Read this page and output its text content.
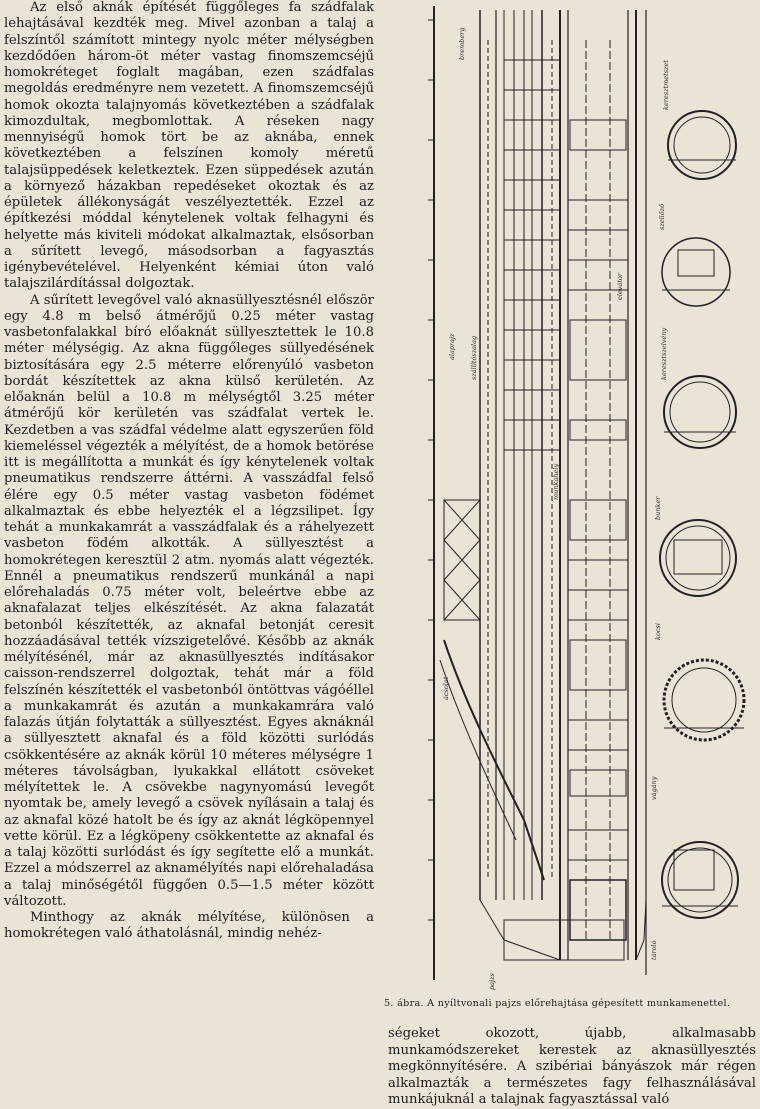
Az első aknák építését függőleges fa szádfalak lehajtásával kezdték meg. Mivel azonban a talaj a felszíntől számított mintegy nyolc méter mélységben kezdődően három-öt méter vastag finomszemcséjű homokréteget foglalt magában, ezen szádfalas megoldás eredményre nem vezetett. A finomszemcséjű homok okozta talajnyomás következtében a szádfalak kimozdultak, megbomlottak. A réseken nagy mennyiségű homok tört be az aknába, ennek következtében a felszínen komoly méretű talajsüppedések keletkeztek. Ezen süppedések azután a környező házakban repedéseket okoztak és az épületek állékonyságát veszélyeztették. Ezzel az építkezési móddal kénytelenek voltak felhagyni és helyette más kiviteli módokat alkalmaztak, elsősorban a sűrített levegő, másodsorban a fagyasztás igénybevételével. Helyenként kémiai úton való talajszilárdítással dolgoztak.

A sűrített levegővel való aknasüllyesztésnél először egy 4.8 m belső átmérőjű 0.25 méter vastag vasbetonfalakkal bíró előaknát süllyesztettek le 10.8 méter mélységig. Az akna függőleges süllyedésének biztosítására egy 2.5 méterre előrenyúló vasbeton bordát készítettek az akna külső kerületén. Az előaknán belül a 10.8 m mélységtől 3.25 méter átmérőjű kör kerületén vas szádfalat vertek le. Kezdetben a vas szádfal védelme alatt egyszerűen föld kiemeléssel végezték a mélyítést, de a homok betörése itt is megállította a munkát és így kénytelenek voltak pneumatikus rendszerre áttérni. A vasszádfal felső élére egy 0.5 méter vastag vasbeton födémet alkalmaztak és ebbe helyezték el a légzsilipet. Így tehát a munkakamrát a vasszádfalak és a ráhelyezett vasbeton födém alkották. A süllyesztést a homokrétegen keresztül 2 atm. nyomás alatt végezték. Ennél a pneumatikus rendszerű munkánál a napi előrehaladás 0.75 méter volt, beleértve ebbe az aknafalazat teljes elkészítését. Az akna falazatát betonból készítették, az aknafal betonját ceresit hozzáadásával tették vízszigetelővé. Később az aknák mélyítésénél, már az aknasüllyesztés indításakor caisson-rendszerrel dolgoztak, tehát már a föld felszínén készítették el vasbetonból öntöttvas vágóéllel a munkakamrát és azután a munkakamrára való falazás útján folytatták a süllyesztést. Egyes aknáknál a süllyesztett aknafal és a föld közötti surlódás csökkentésére az aknák körül 10 méteres mélységre 1 méteres távolságban, lyukakkal ellátott csöveket mélyítettek le. A csövekbe nagynyomású levegőt nyomtak be, amely levegő a csövek nyílásain a talaj és az aknafal közé hatolt be és így az aknát légköpennyel vette körül. Ez a légköpeny csökkentette az aknafal és a talaj közötti surlódást és így segítette elő a munkát. Ezzel a módszerrel az aknamélyítés napi előrehaladása a talaj minőségétől függően 0.5—1.5 méter között változott.

Minthogy az aknák mélyítése, különösen a homokrétegen való áthatolásnál, mindig nehéz-

bremberg
keresztmetszet
alaprajz
szellőző
bunker
szállítószalag
kocsi
pajzs
elevátor
vágány
keresztszelvény
munkahely
ácsolat
tároló
5. ábra. A nyíltvonali pajzs előrehajtása gépesített munkamenettel.

ségeket okozott, újabb, alkalmasabb munkamódszereket kerestek az aknasüllyesztés megkönnyítésére. A szibériai bányászok már régen alkalmazták a természetes fagy felhasználásával munkájuknál a talajnak fagyasztással való
